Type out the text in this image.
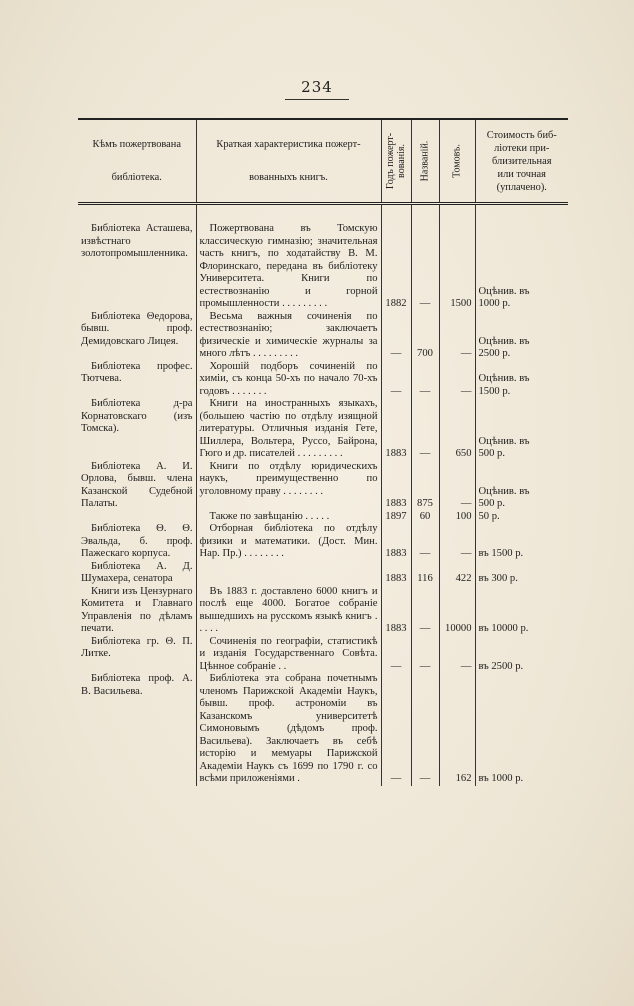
234
Кѣмъ пожертвована
библіотека.	Краткая характеристика пожерт-
вованныхъ книгъ.	Годъ пожерт-
вованія.	Названій.	Томовъ.	Стоимость биб-
ліотеки при-
близительная
или точная
(уплачено).

Библіотека Асташева, извѣстнаго золотопромышленника.	Пожертвована въ Томскую классическую гимназію; значительная часть книгъ, по ходатайству В. М. Флоринскаго, передана въ библіотеку Университета. Книги по естествознанію и горной промышленности . . . . . . . . .	1882	—	1500	Оцѣнив. въ
1000 р.

Библіотека Θедорова, бывш. проф. Демидовскаго Лицея.	Весьма важныя сочиненія по естествознанію; заключаетъ физическіе и химическіе журналы за много лѣтъ . . . . . . . . .	—	700	—	Оцѣнив. въ
2500 р.

Библіотека профес. Тютчева.	Хорошій подборъ сочиненій по химіи, съ конца 50-хъ по начало 70-хъ годовъ . . . . . . .	—	—	—	Оцѣнив. въ
1500 р.

Библіотека д-ра Корнатовскаго (изъ Томска).	Книги на иностранныхъ языкахъ, (большею частію по отдѣлу изящной литературы. Отличныя изданія Гете, Шиллера, Вольтера, Руссо, Байрона, Гюго и др. писателей . . . . . . . . .	1883	—	650	Оцѣнив. въ
500 р.

Библіотека А. И. Орлова, бывш. члена Казанской Судебной Палаты.	Книги по отдѣлу юридическихъ наукъ, преимущественно по уголовному праву . . . . . . . .	1883	875	—	Оцѣнив. въ
500 р.

	Также по завѣщанію . . . . .	1897	60	100	50 р.

Библіотека Θ. Θ. Эвальда, б. проф. Пажескаго корпуса.	Отборная библіотека по отдѣлу физики и математики. (Дост. Мин. Нар. Пр.) . . . . . . . .	1883	—	—	въ 1500 р.

Библіотека А. Д. Шумахера, сенатора		1883	116	422	въ 300 р.

Книги изъ Цензурнаго Комитета и Главнаго Управленія по дѣламъ печати.	Въ 1883 г. доставлено 6000 книгъ и послѣ еще 4000. Богатое собраніе вышедшихъ на русскомъ языкѣ книгъ . . . . .	1883	—	10000	въ 10000 р.

Библіотека гр. Θ. П. Литке.	Сочиненія по географіи, статистикѣ и изданія Государственнаго Совѣта. Цѣнное собраніе . .	—	—	—	въ 2500 р.

Библіотека проф. А. В. Васильева.	Библіотека эта собрана почетнымъ членомъ Парижской Академіи Наукъ, бывш. проф. астрономіи въ Казанскомъ университетѣ Симоновымъ (дѣдомъ проф. Васильева). Заключаетъ въ себѣ исторію и мемуары Парижской Академіи Наукъ съ 1699 по 1790 г. со всѣми приложеніями .	—	—	162	въ 1000 р.
